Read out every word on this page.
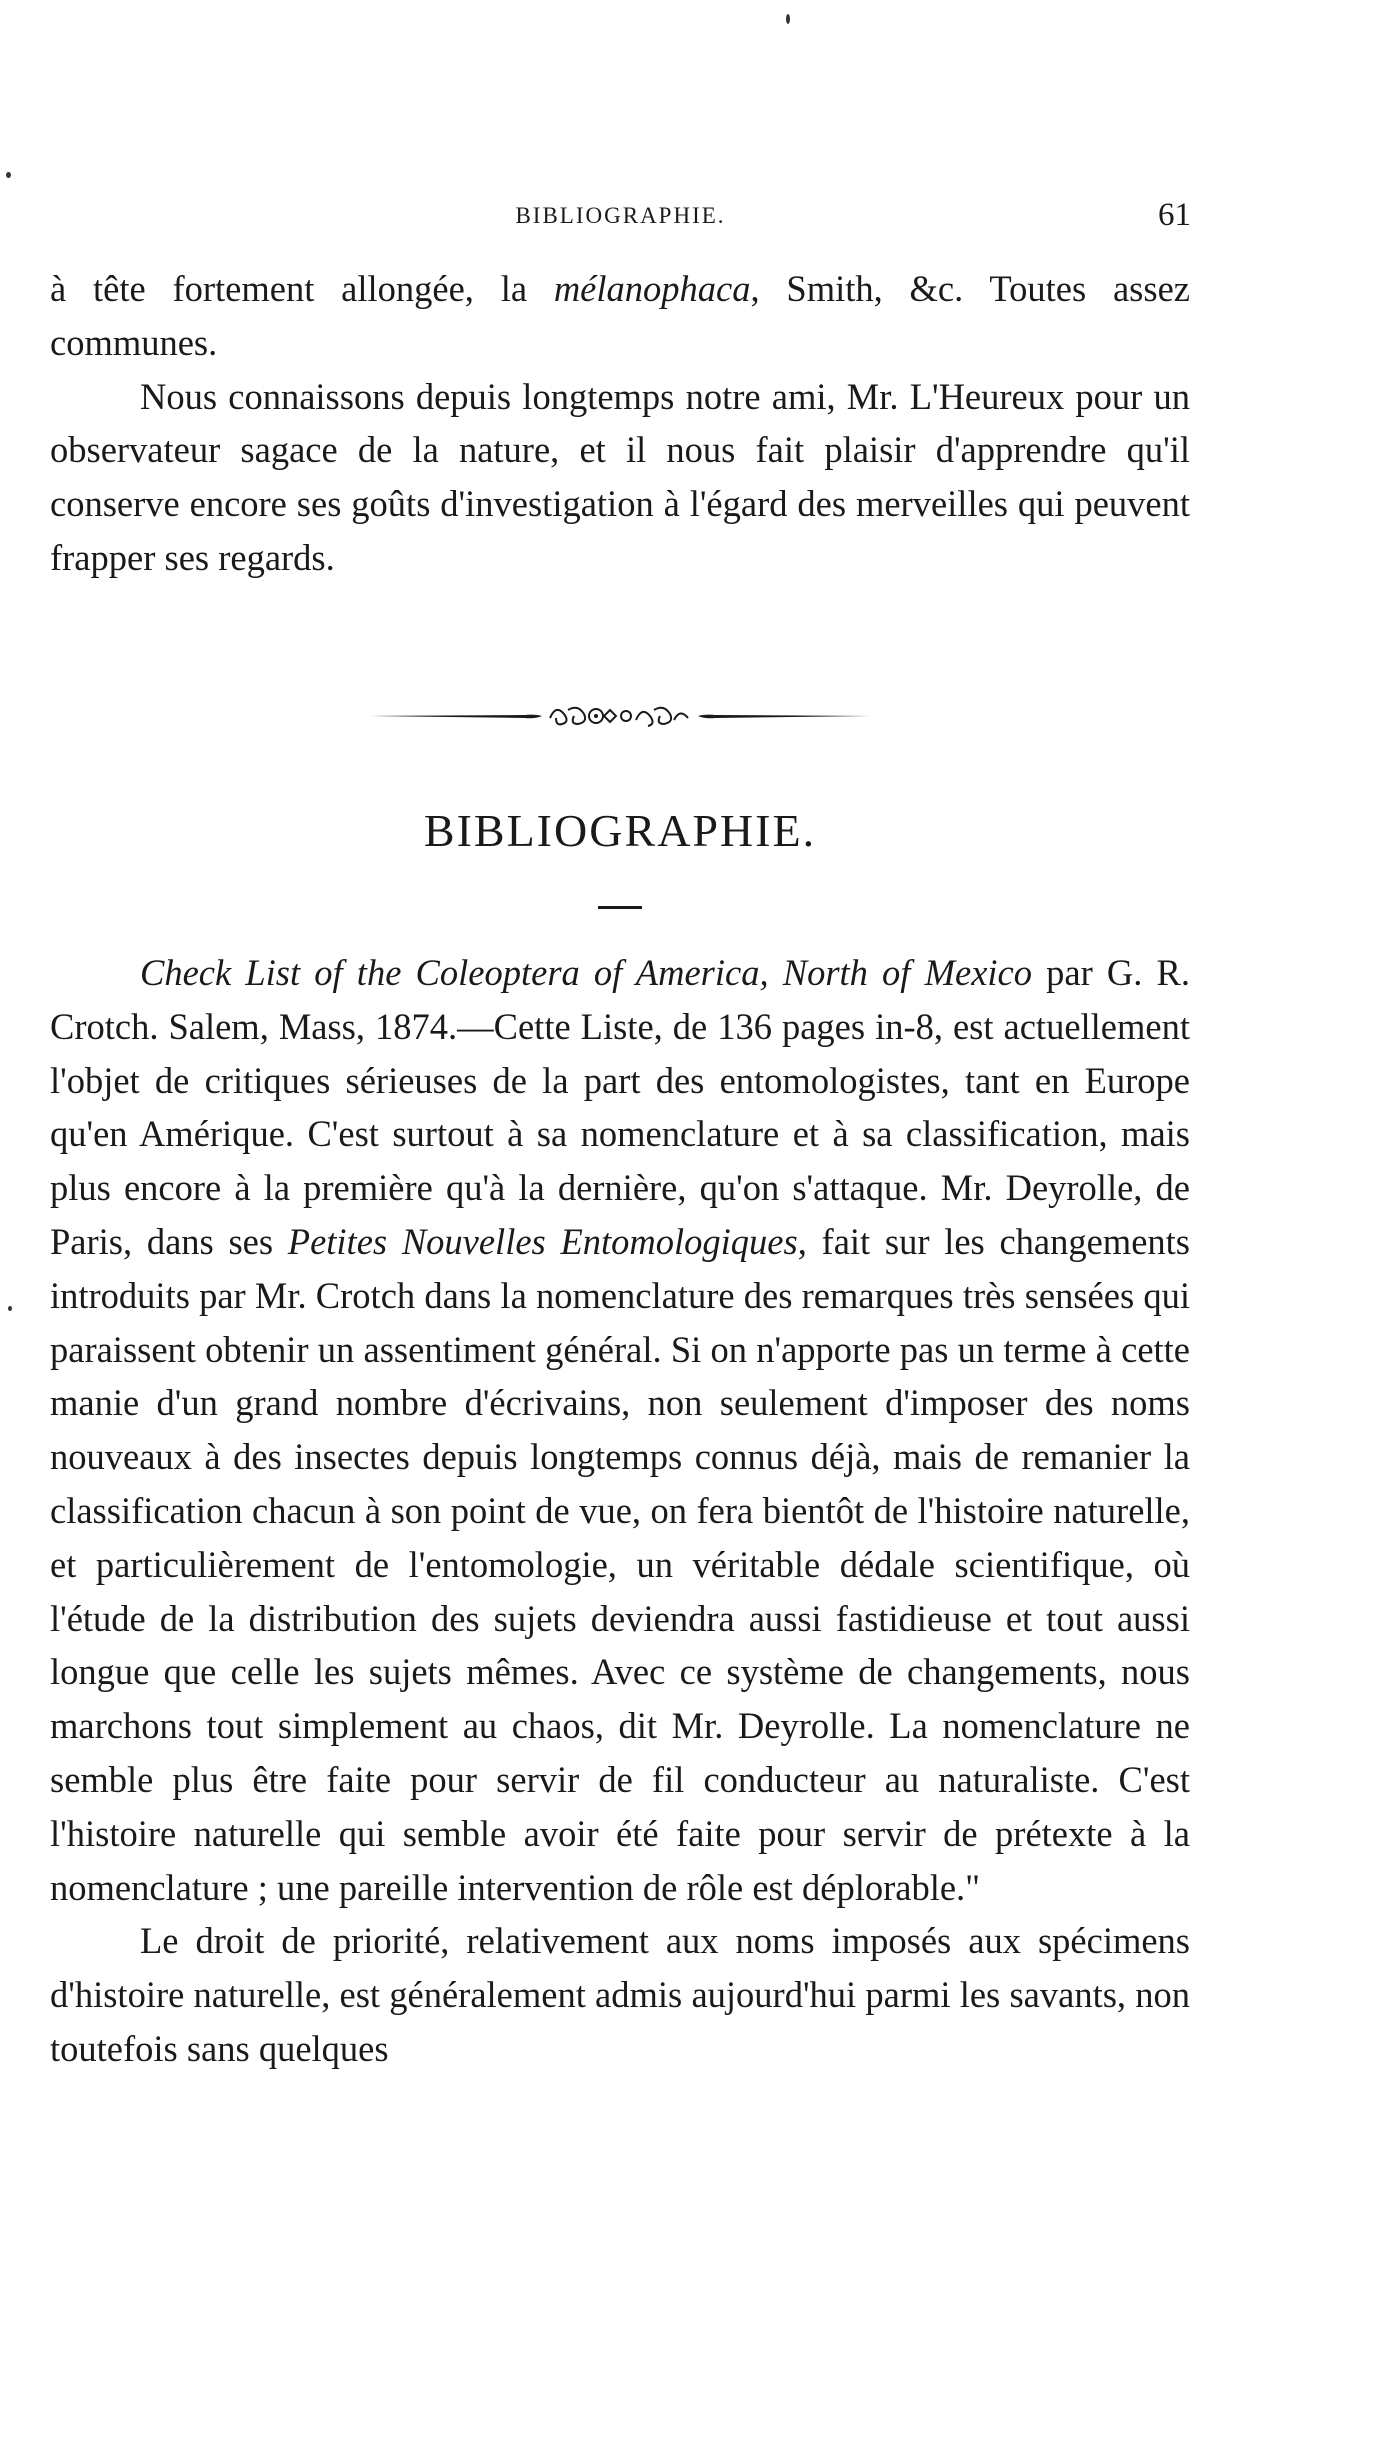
BIBLIOGRAPHIE.	61

à tête fortement allongée, la mélanophaca, Smith, &c. Toutes assez communes.

Nous connaissons depuis longtemps notre ami, Mr. L'Heureux pour un observateur sagace de la nature, et il nous fait plaisir d'apprendre qu'il conserve encore ses goûts d'investigation à l'égard des merveilles qui peuvent frapper ses regards.

BIBLIOGRAPHIE.

Check List of the Coleoptera of America, North of Mexico par G. R. Crotch. Salem, Mass, 1874.—Cette Liste, de 136 pages in-8, est actuellement l'objet de critiques sérieuses de la part des entomologistes, tant en Europe qu'en Amérique. C'est surtout à sa nomenclature et à sa classification, mais plus encore à la première qu'à la dernière, qu'on s'attaque. Mr. Deyrolle, de Paris, dans ses Petites Nouvelles Entomologiques, fait sur les changements introduits par Mr. Crotch dans la nomenclature des remarques très sensées qui paraissent obtenir un assentiment général. Si on n'apporte pas un terme à cette manie d'un grand nombre d'écrivains, non seulement d'imposer des noms nouveaux à des insectes depuis longtemps connus déjà, mais de remanier la classification chacun à son point de vue, on fera bientôt de l'histoire naturelle, et particulièrement de l'entomologie, un véritable dédale scientifique, où l'étude de la distribution des sujets deviendra aussi fastidieuse et tout aussi longue que celle les sujets mêmes. Avec ce système de changements, nous marchons tout simplement au chaos, dit Mr. Deyrolle. La nomenclature ne semble plus être faite pour servir de fil conducteur au naturaliste. C'est l'histoire naturelle qui semble avoir été faite pour servir de prétexte à la nomenclature ; une pareille intervention de rôle est déplorable."

Le droit de priorité, relativement aux noms imposés aux spécimens d'histoire naturelle, est généralement admis aujourd'hui parmi les savants, non toutefois sans quelques
